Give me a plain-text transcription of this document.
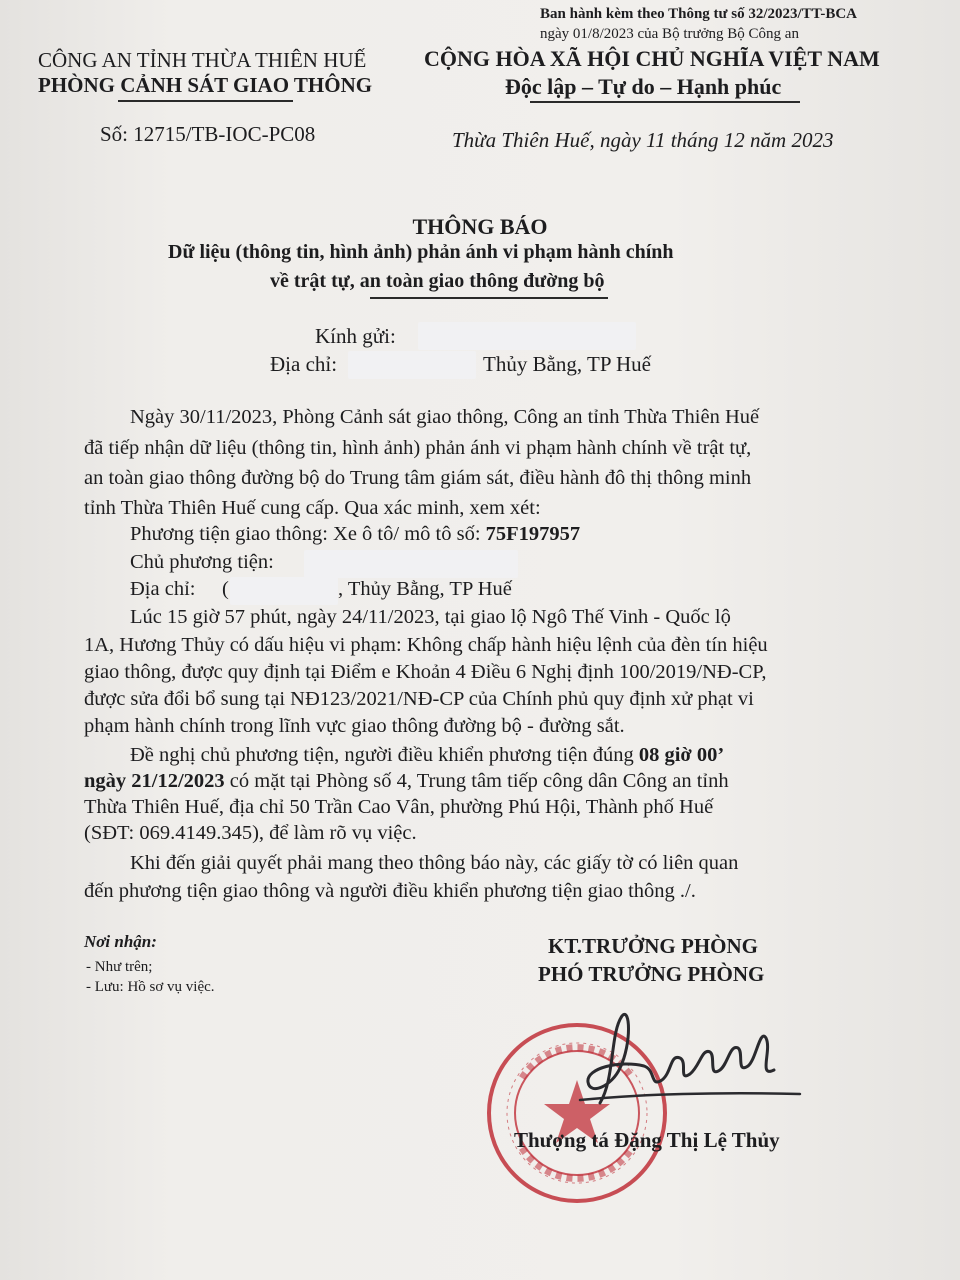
Ban hành kèm theo Thông tư số 32/2023/TT-BCA
ngày 01/8/2023 của Bộ trưởng Bộ Công an
CÔNG AN TỈNH THỪA THIÊN HUẾ
PHÒNG CẢNH SÁT GIAO THÔNG
Số: 12715/TB-IOC-PC08
CỘNG HÒA XÃ HỘI CHỦ NGHĨA VIỆT NAM
Độc lập – Tự do – Hạnh phúc
Thừa Thiên Huế, ngày 11 tháng 12 năm 2023
THÔNG BÁO
Dữ liệu (thông tin, hình ảnh) phản ánh vi phạm hành chính
về trật tự, an toàn giao thông đường bộ
Kính gửi:
Địa chỉ:	Thủy Bằng, TP Huế
Ngày 30/11/2023, Phòng Cảnh sát giao thông, Công an tỉnh Thừa Thiên Huế
đã tiếp nhận dữ liệu (thông tin, hình ảnh) phản ánh vi phạm hành chính về trật tự,
an toàn giao thông đường bộ do Trung tâm giám sát, điều hành đô thị thông minh
tỉnh Thừa Thiên Huế cung cấp. Qua xác minh, xem xét:
Phương tiện giao thông: Xe ô tô/ mô tô số: 75F197957
Chủ phương tiện:
Địa chỉ: (	, Thủy Bằng, TP Huế
Lúc 15 giờ 57 phút, ngày 24/11/2023, tại giao lộ Ngô Thế Vinh - Quốc lộ
1A, Hương Thủy có dấu hiệu vi phạm: Không chấp hành hiệu lệnh của đèn tín hiệu
giao thông, được quy định tại Điểm e Khoản 4 Điều 6 Nghị định 100/2019/NĐ-CP,
được sửa đổi bổ sung tại NĐ123/2021/NĐ-CP của Chính phủ quy định xử phạt vi
phạm hành chính trong lĩnh vực giao thông đường bộ - đường sắt.
Đề nghị chủ phương tiện, người điều khiển phương tiện đúng 08 giờ 00’
ngày 21/12/2023 có mặt tại Phòng số 4, Trung tâm tiếp công dân Công an tỉnh
Thừa Thiên Huế, địa chỉ 50 Trần Cao Vân, phường Phú Hội, Thành phố Huế
(SĐT: 069.4149.345), để làm rõ vụ việc.
Khi đến giải quyết phải mang theo thông báo này, các giấy tờ có liên quan
đến phương tiện giao thông và người điều khiển phương tiện giao thông ./.
Nơi nhận:
- Như trên;
- Lưu: Hồ sơ vụ việc.
KT.TRƯỞNG PHÒNG
PHÓ TRƯỞNG PHÒNG
Thượng tá Đặng Thị Lệ Thủy
